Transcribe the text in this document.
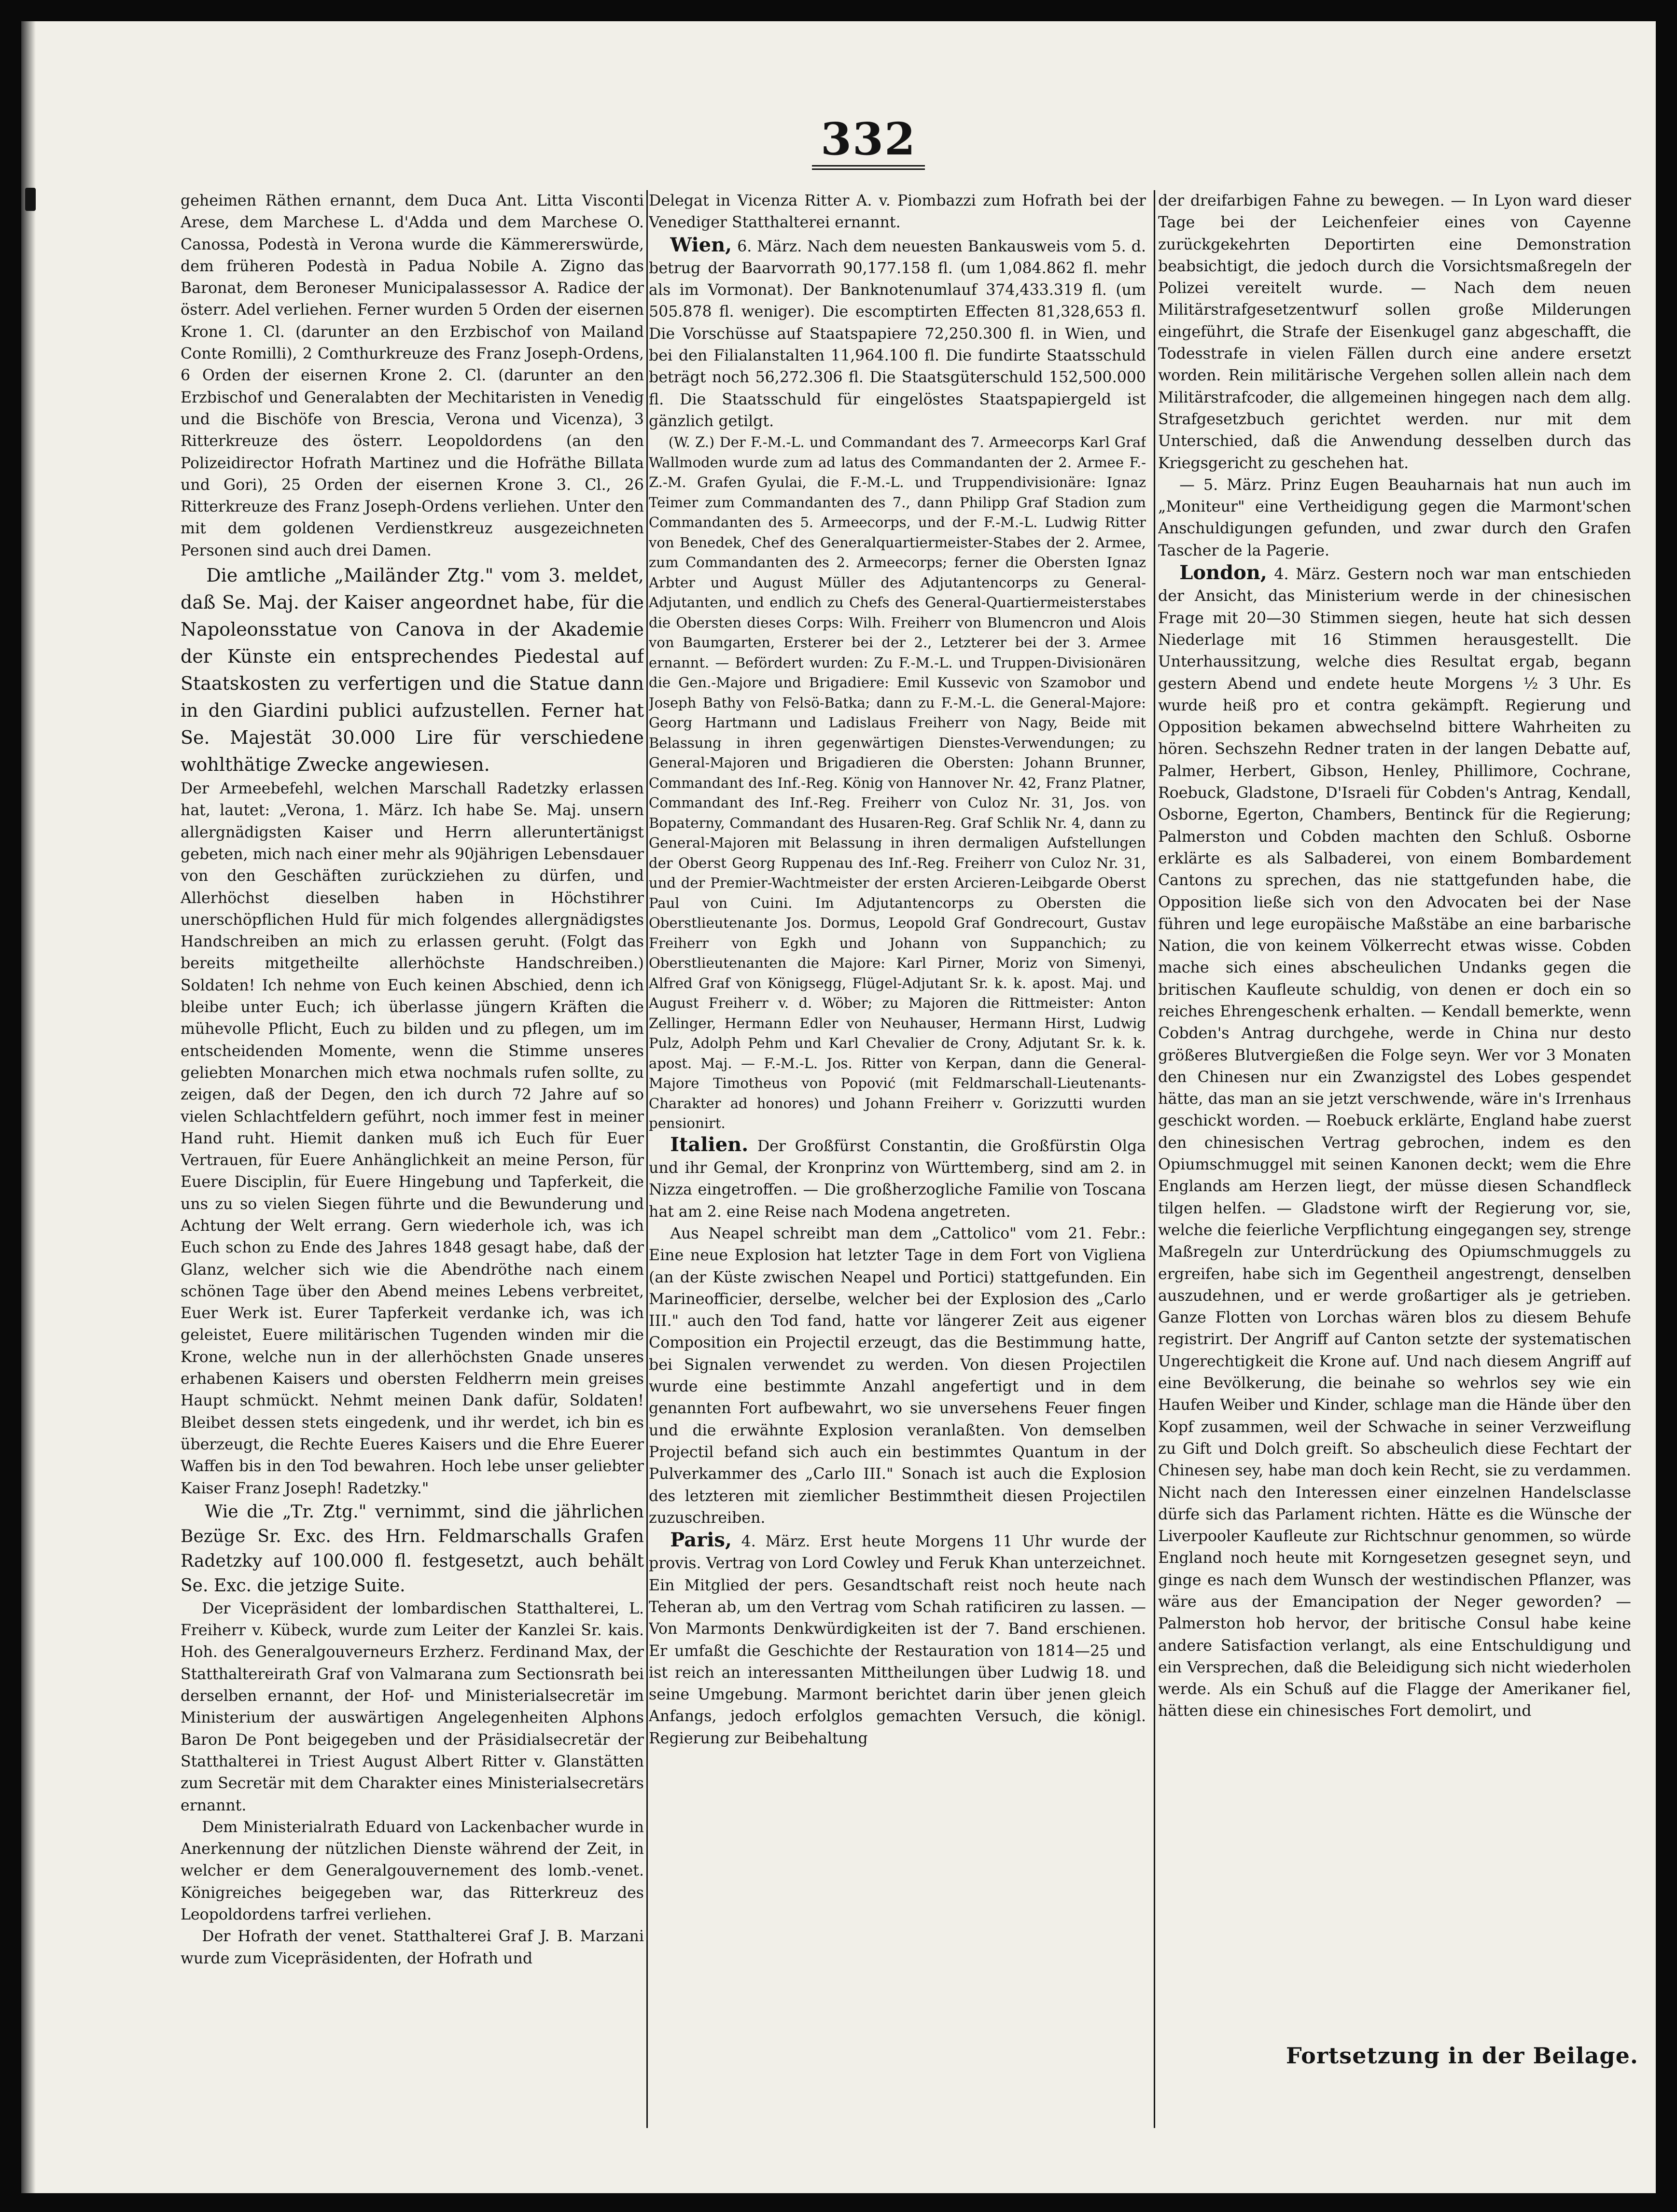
332

geheimen Räthen ernannt, dem Duca Ant. Litta Visconti Arese, dem Marchese L. d'Adda und dem Marchese O. Canossa, Podestà in Verona wurde die Kämmererswürde, dem früheren Podestà in Padua Nobile A. Zigno das Baronat, dem Beroneser Municipalassessor A. Radice der österr. Adel verliehen. Ferner wurden 5 Orden der eisernen Krone 1. Cl. (darunter an den Erzbischof von Mailand Conte Romilli), 2 Comthurkreuze des Franz Joseph-Ordens, 6 Orden der eisernen Krone 2. Cl. (darunter an den Erzbischof und Generalabten der Mechitaristen in Venedig und die Bischöfe von Brescia, Verona und Vicenza), 3 Ritterkreuze des österr. Leopoldordens (an den Polizeidirector Hofrath Martinez und die Hofräthe Billata und Gori), 25 Orden der eisernen Krone 3. Cl., 26 Ritterkreuze des Franz Joseph-Ordens verliehen. Unter den mit dem goldenen Verdienstkreuz ausgezeichneten Personen sind auch drei Damen.

Die amtliche „Mailänder Ztg." vom 3. meldet, daß Se. Maj. der Kaiser angeordnet habe, für die Napoleonsstatue von Canova in der Akademie der Künste ein entsprechendes Piedestal auf Staatskosten zu verfertigen und die Statue dann in den Giardini publici aufzustellen. Ferner hat Se. Majestät 30.000 Lire für verschiedene wohlthätige Zwecke angewiesen.

Der Armeebefehl, welchen Marschall Radetzky erlassen hat, lautet: „Verona, 1. März. Ich habe Se. Maj. unsern allergnädigsten Kaiser und Herrn alleruntertänigst gebeten, mich nach einer mehr als 90jährigen Lebensdauer von den Geschäften zurückziehen zu dürfen, und Allerhöchst dieselben haben in Höchstihrer unerschöpflichen Huld für mich folgendes allergnädigstes Handschreiben an mich zu erlassen geruht. (Folgt das bereits mitgetheilte allerhöchste Handschreiben.) Soldaten! Ich nehme von Euch keinen Abschied, denn ich bleibe unter Euch; ich überlasse jüngern Kräften die mühevolle Pflicht, Euch zu bilden und zu pflegen, um im entscheidenden Momente, wenn die Stimme unseres geliebten Monarchen mich etwa nochmals rufen sollte, zu zeigen, daß der Degen, den ich durch 72 Jahre auf so vielen Schlachtfeldern geführt, noch immer fest in meiner Hand ruht. Hiemit danken muß ich Euch für Euer Vertrauen, für Euere Anhänglichkeit an meine Person, für Euere Disciplin, für Euere Hingebung und Tapferkeit, die uns zu so vielen Siegen führte und die Bewunderung und Achtung der Welt errang. Gern wiederhole ich, was ich Euch schon zu Ende des Jahres 1848 gesagt habe, daß der Glanz, welcher sich wie die Abendröthe nach einem schönen Tage über den Abend meines Lebens verbreitet, Euer Werk ist. Eurer Tapferkeit verdanke ich, was ich geleistet, Euere militärischen Tugenden winden mir die Krone, welche nun in der allerhöchsten Gnade unseres erhabenen Kaisers und obersten Feldherrn mein greises Haupt schmückt. Nehmt meinen Dank dafür, Soldaten! Bleibet dessen stets eingedenk, und ihr werdet, ich bin es überzeugt, die Rechte Eueres Kaisers und die Ehre Euerer Waffen bis in den Tod bewahren. Hoch lebe unser geliebter Kaiser Franz Joseph! Radetzky."

Wie die „Tr. Ztg." vernimmt, sind die jährlichen Bezüge Sr. Exc. des Hrn. Feldmarschalls Grafen Radetzky auf 100.000 fl. festgesetzt, auch behält Se. Exc. die jetzige Suite.

Der Vicepräsident der lombardischen Statthalterei, L. Freiherr v. Kübeck, wurde zum Leiter der Kanzlei Sr. kais. Hoh. des Generalgouverneurs Erzherz. Ferdinand Max, der Statthaltereirath Graf von Valmarana zum Sectionsrath bei derselben ernannt, der Hof- und Ministerialsecretär im Ministerium der auswärtigen Angelegenheiten Alphons Baron De Pont beigegeben und der Präsidialsecretär der Statthalterei in Triest August Albert Ritter v. Glanstätten zum Secretär mit dem Charakter eines Ministerialsecretärs ernannt.

Dem Ministerialrath Eduard von Lackenbacher wurde in Anerkennung der nützlichen Dienste während der Zeit, in welcher er dem Generalgouvernement des lomb.-venet. Königreiches beigegeben war, das Ritterkreuz des Leopoldordens tarfrei verliehen.

Der Hofrath der venet. Statthalterei Graf J. B. Marzani wurde zum Vicepräsidenten, der Hofrath und

Delegat in Vicenza Ritter A. v. Piombazzi zum Hofrath bei der Venediger Statthalterei ernannt.

Wien, 6. März. Nach dem neuesten Bankausweis vom 5. d. betrug der Baarvorrath 90,177.158 fl. (um 1,084.862 fl. mehr als im Vormonat). Der Banknotenumlauf 374,433.319 fl. (um 505.878 fl. weniger). Die escomptirten Effecten 81,328,653 fl. Die Vorschüsse auf Staatspapiere 72,250.300 fl. in Wien, und bei den Filialanstalten 11,964.100 fl. Die fundirte Staatsschuld beträgt noch 56,272.306 fl. Die Staatsgüterschuld 152,500.000 fl. Die Staatsschuld für eingelöstes Staatspapiergeld ist gänzlich getilgt.

(W. Z.) Der F.-M.-L. und Commandant des 7. Armeecorps Karl Graf Wallmoden wurde zum ad latus des Commandanten der 2. Armee F.-Z.-M. Grafen Gyulai, die F.-M.-L. und Truppendivisionäre: Ignaz Teimer zum Commandanten des 7., dann Philipp Graf Stadion zum Commandanten des 5. Armeecorps, und der F.-M.-L. Ludwig Ritter von Benedek, Chef des Generalquartiermeister-Stabes der 2. Armee, zum Commandanten des 2. Armeecorps; ferner die Obersten Ignaz Arbter und August Müller des Adjutantencorps zu General-Adjutanten, und endlich zu Chefs des General-Quartiermeisterstabes die Obersten dieses Corps: Wilh. Freiherr von Blumencron und Alois von Baumgarten, Ersterer bei der 2., Letzterer bei der 3. Armee ernannt. — Befördert wurden: Zu F.-M.-L. und Truppen-Divisionären die Gen.-Majore und Brigadiere: Emil Kussevic von Szamobor und Joseph Bathy von Felsö-Batka; dann zu F.-M.-L. die General-Majore: Georg Hartmann und Ladislaus Freiherr von Nagy, Beide mit Belassung in ihren gegenwärtigen Dienstes-Verwendungen; zu General-Majoren und Brigadieren die Obersten: Johann Brunner, Commandant des Inf.-Reg. König von Hannover Nr. 42, Franz Platner, Commandant des Inf.-Reg. Freiherr von Culoz Nr. 31, Jos. von Bopaterny, Commandant des Husaren-Reg. Graf Schlik Nr. 4, dann zu General-Majoren mit Belassung in ihren dermaligen Aufstellungen der Oberst Georg Ruppenau des Inf.-Reg. Freiherr von Culoz Nr. 31, und der Premier-Wachtmeister der ersten Arcieren-Leibgarde Oberst Paul von Cuini. Im Adjutantencorps zu Obersten die Oberstlieutenante Jos. Dormus, Leopold Graf Gondrecourt, Gustav Freiherr von Egkh und Johann von Suppanchich; zu Oberstlieutenanten die Majore: Karl Pirner, Moriz von Simenyi, Alfred Graf von Königsegg, Flügel-Adjutant Sr. k. k. apost. Maj. und August Freiherr v. d. Wöber; zu Majoren die Rittmeister: Anton Zellinger, Hermann Edler von Neuhauser, Hermann Hirst, Ludwig Pulz, Adolph Pehm und Karl Chevalier de Crony, Adjutant Sr. k. k. apost. Maj. — F.-M.-L. Jos. Ritter von Kerpan, dann die General-Majore Timotheus von Popović (mit Feldmarschall-Lieutenants-Charakter ad honores) und Johann Freiherr v. Gorizzutti wurden pensionirt.

Italien. Der Großfürst Constantin, die Großfürstin Olga und ihr Gemal, der Kronprinz von Württemberg, sind am 2. in Nizza eingetroffen. — Die großherzogliche Familie von Toscana hat am 2. eine Reise nach Modena angetreten.

Aus Neapel schreibt man dem „Cattolico" vom 21. Febr.: Eine neue Explosion hat letzter Tage in dem Fort von Vigliena (an der Küste zwischen Neapel und Portici) stattgefunden. Ein Marineofficier, derselbe, welcher bei der Explosion des „Carlo III." auch den Tod fand, hatte vor längerer Zeit aus eigener Composition ein Projectil erzeugt, das die Bestimmung hatte, bei Signalen verwendet zu werden. Von diesen Projectilen wurde eine bestimmte Anzahl angefertigt und in dem genannten Fort aufbewahrt, wo sie unversehens Feuer fingen und die erwähnte Explosion veranlaßten. Von demselben Projectil befand sich auch ein bestimmtes Quantum in der Pulverkammer des „Carlo III." Sonach ist auch die Explosion des letzteren mit ziemlicher Bestimmtheit diesen Projectilen zuzuschreiben.

Paris, 4. März. Erst heute Morgens 11 Uhr wurde der provis. Vertrag von Lord Cowley und Feruk Khan unterzeichnet. Ein Mitglied der pers. Gesandtschaft reist noch heute nach Teheran ab, um den Vertrag vom Schah ratificiren zu lassen. — Von Marmonts Denkwürdigkeiten ist der 7. Band erschienen. Er umfaßt die Geschichte der Restauration von 1814—25 und ist reich an interessanten Mittheilungen über Ludwig 18. und seine Umgebung. Marmont berichtet darin über jenen gleich Anfangs, jedoch erfolglos gemachten Versuch, die königl. Regierung zur Beibehaltung

der dreifarbigen Fahne zu bewegen. — In Lyon ward dieser Tage bei der Leichenfeier eines von Cayenne zurückgekehrten Deportirten eine Demonstration beabsichtigt, die jedoch durch die Vorsichtsmaßregeln der Polizei vereitelt wurde. — Nach dem neuen Militärstrafgesetzentwurf sollen große Milderungen eingeführt, die Strafe der Eisenkugel ganz abgeschafft, die Todesstrafe in vielen Fällen durch eine andere ersetzt worden. Rein militärische Vergehen sollen allein nach dem Militärstrafcoder, die allgemeinen hingegen nach dem allg. Strafgesetzbuch gerichtet werden. nur mit dem Unterschied, daß die Anwendung desselben durch das Kriegsgericht zu geschehen hat.

— 5. März. Prinz Eugen Beauharnais hat nun auch im „Moniteur" eine Vertheidigung gegen die Marmont'schen Anschuldigungen gefunden, und zwar durch den Grafen Tascher de la Pagerie.

London, 4. März. Gestern noch war man entschieden der Ansicht, das Ministerium werde in der chinesischen Frage mit 20—30 Stimmen siegen, heute hat sich dessen Niederlage mit 16 Stimmen herausgestellt. Die Unterhaussitzung, welche dies Resultat ergab, begann gestern Abend und endete heute Morgens ½ 3 Uhr. Es wurde heiß pro et contra gekämpft. Regierung und Opposition bekamen abwechselnd bittere Wahrheiten zu hören. Sechszehn Redner traten in der langen Debatte auf, Palmer, Herbert, Gibson, Henley, Phillimore, Cochrane, Roebuck, Gladstone, D'Israeli für Cobden's Antrag, Kendall, Osborne, Egerton, Chambers, Bentinck für die Regierung; Palmerston und Cobden machten den Schluß. Osborne erklärte es als Salbaderei, von einem Bombardement Cantons zu sprechen, das nie stattgefunden habe, die Opposition ließe sich von den Advocaten bei der Nase führen und lege europäische Maßstäbe an eine barbarische Nation, die von keinem Völkerrecht etwas wisse. Cobden mache sich eines abscheulichen Undanks gegen die britischen Kaufleute schuldig, von denen er doch ein so reiches Ehrengeschenk erhalten. — Kendall bemerkte, wenn Cobden's Antrag durchgehe, werde in China nur desto größeres Blutvergießen die Folge seyn. Wer vor 3 Monaten den Chinesen nur ein Zwanzigstel des Lobes gespendet hätte, das man an sie jetzt verschwende, wäre in's Irrenhaus geschickt worden. — Roebuck erklärte, England habe zuerst den chinesischen Vertrag gebrochen, indem es den Opiumschmuggel mit seinen Kanonen deckt; wem die Ehre Englands am Herzen liegt, der müsse diesen Schandfleck tilgen helfen. — Gladstone wirft der Regierung vor, sie, welche die feierliche Verpflichtung eingegangen sey, strenge Maßregeln zur Unterdrückung des Opiumschmuggels zu ergreifen, habe sich im Gegentheil angestrengt, denselben auszudehnen, und er werde großartiger als je getrieben. Ganze Flotten von Lorchas wären blos zu diesem Behufe registrirt. Der Angriff auf Canton setzte der systematischen Ungerechtigkeit die Krone auf. Und nach diesem Angriff auf eine Bevölkerung, die beinahe so wehrlos sey wie ein Haufen Weiber und Kinder, schlage man die Hände über den Kopf zusammen, weil der Schwache in seiner Verzweiflung zu Gift und Dolch greift. So abscheulich diese Fechtart der Chinesen sey, habe man doch kein Recht, sie zu verdammen. Nicht nach den Interessen einer einzelnen Handelsclasse dürfe sich das Parlament richten. Hätte es die Wünsche der Liverpooler Kaufleute zur Richtschnur genommen, so würde England noch heute mit Korngesetzen gesegnet seyn, und ginge es nach dem Wunsch der westindischen Pflanzer, was wäre aus der Emancipation der Neger geworden? — Palmerston hob hervor, der britische Consul habe keine andere Satisfaction verlangt, als eine Entschuldigung und ein Versprechen, daß die Beleidigung sich nicht wiederholen werde. Als ein Schuß auf die Flagge der Amerikaner fiel, hätten diese ein chinesisches Fort demolirt, und

Fortsetzung in der Beilage.
